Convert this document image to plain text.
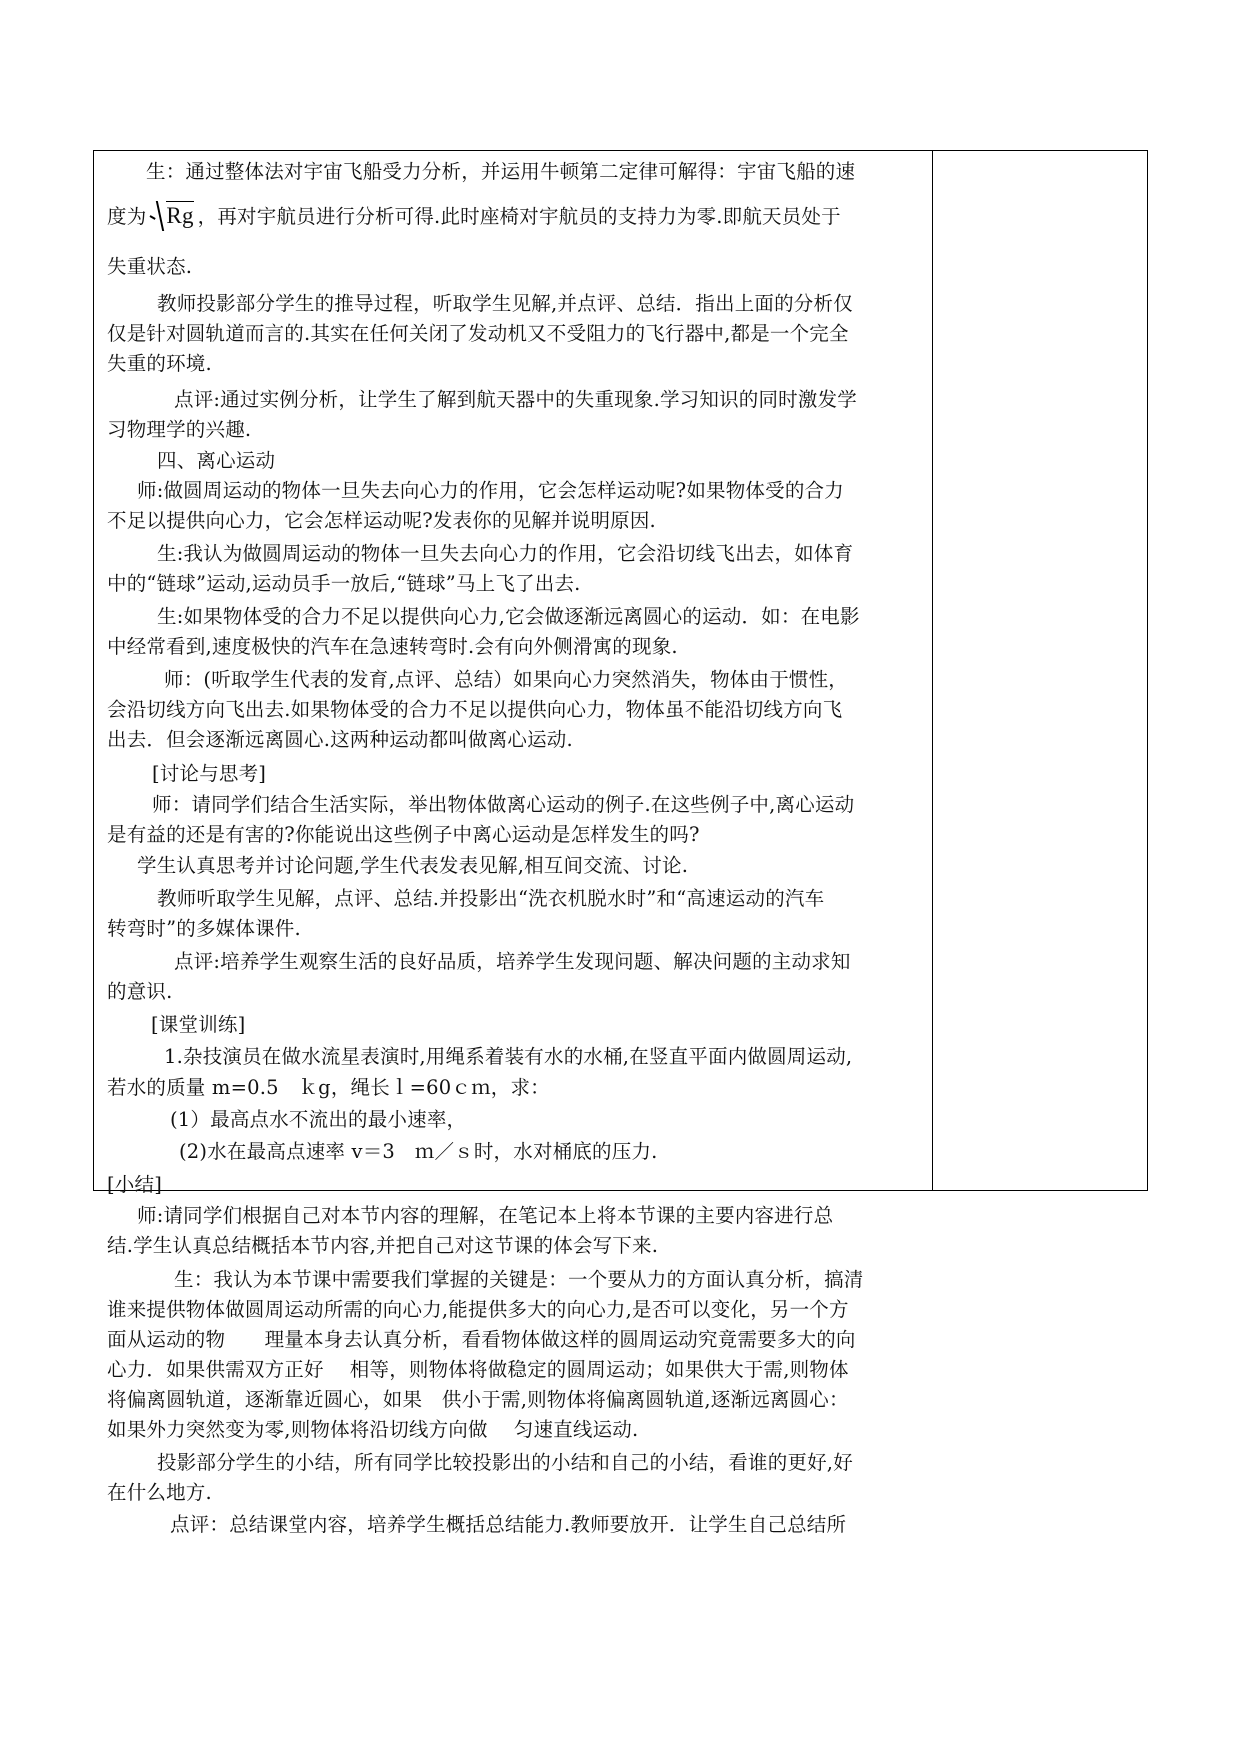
生：通过整体法对宇宙飞船受力分析，并运用牛顿第二定律可解得：宇宙飞船的速
度为 Rg ，再对宇航员进行分析可得.此时座椅对宇航员的支持力为零.即航天员处于
失重状态.
教师投影部分学生的推导过程，听取学生见解,并点评、总结．指出上面的分析仅
仅是针对圆轨道而言的.其实在任何关闭了发动机又不受阻力的飞行器中,都是一个完全
失重的环境.
点评:通过实例分析，让学生了解到航天器中的失重现象.学习知识的同时激发学
习物理学的兴趣.
四、离心运动
师:做圆周运动的物体一旦失去向心力的作用，它会怎样运动呢?如果物体受的合力
不足以提供向心力，它会怎样运动呢?发表你的见解并说明原因.
生:我认为做圆周运动的物体一旦失去向心力的作用，它会沿切线飞出去，如体育
中的“链球”运动,运动员手一放后,“链球”马上飞了出去.
生:如果物体受的合力不足以提供向心力,它会做逐渐远离圆心的运动．如：在电影
中经常看到,速度极快的汽车在急速转弯时.会有向外侧滑寓的现象.
师：(听取学生代表的发育,点评、总结）如果向心力突然消失，物体由于惯性，
会沿切线方向飞出去.如果物体受的合力不足以提供向心力，物体虽不能沿切线方向飞
出去．但会逐渐远离圆心.这两种运动都叫做离心运动.
[讨论与思考]
师：请同学们结合生活实际，举出物体做离心运动的例子.在这些例子中,离心运动
是有益的还是有害的?你能说出这些例子中离心运动是怎样发生的吗?
学生认真思考并讨论问题,学生代表发表见解,相互间交流、讨论.
教师听取学生见解，点评、总结.并投影出“洗衣机脱水时”和“高速运动的汽车
转弯时”的多媒体课件.
点评:培养学生观察生活的良好品质，培养学生发现问题、解决问题的主动求知
的意识.
[课堂训练]
1.杂技演员在做水流星表演时,用绳系着装有水的水桶,在竖直平面内做圆周运动,
若水的质量 m=0.5　ｋg，绳长ｌ=60ｃｍ，求：
(1）最高点水不流出的最小速率，
(2)水在最高点速率 v＝3　ｍ／ｓ时，水对桶底的压力.
[小结]
师:请同学们根据自己对本节内容的理解，在笔记本上将本节课的主要内容进行总
结.学生认真总结概括本节内容,并把自己对这节课的体会写下来.
生：我认为本节课中需要我们掌握的关键是：一个要从力的方面认真分析，搞清
谁来提供物体做圆周运动所需的向心力,能提供多大的向心力,是否可以变化，另一个方
面从运动的物　　理量本身去认真分析，看看物体做这样的圆周运动究竟需要多大的向
心力．如果供需双方正好　 相等，则物体将做稳定的圆周运动；如果供大于需,则物体
将偏离圆轨道，逐渐靠近圆心，如果　供小于需,则物体将偏离圆轨道,逐渐远离圆心：
如果外力突然变为零,则物体将沿切线方向做　 匀速直线运动.
投影部分学生的小结，所有同学比较投影出的小结和自己的小结，看谁的更好,好
在什么地方.
点评：总结课堂内容，培养学生概括总结能力.教师要放开．让学生自己总结所
